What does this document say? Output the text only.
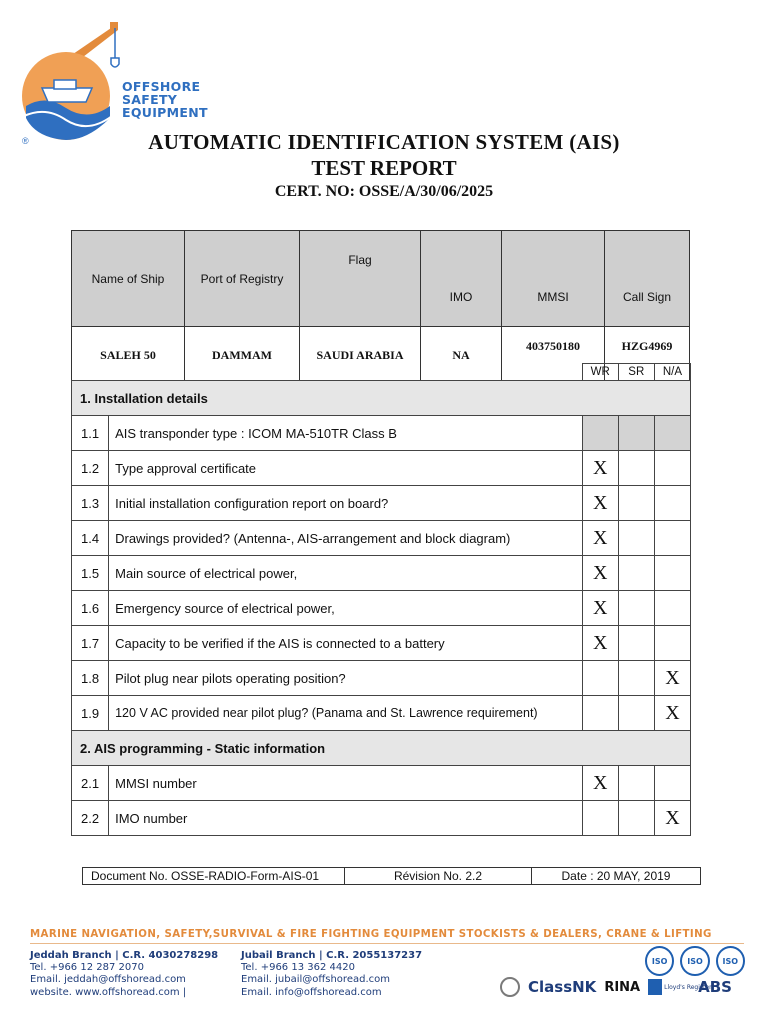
OFFSHORE
SAFETY
EQUIPMENT
®	AUTOMATIC IDENTIFICATION SYSTEM (AIS)
TEST REPORT
CERT. NO: OSSE/A/30/06/2025
Name of Ship	Port of Registry	Flag	IMO	MMSI	Call Sign
SALEH 50	DAMMAM	SAUDI ARABIA	NA	403750180	HZG4969
		WR	SR	N/A
1. Installation details				
1.1	AIS transponder type : ICOM MA-510TR Class B			
1.2	Type approval certificate	X		
1.3	Initial installation configuration report on board?	X		
1.4	Drawings provided? (Antenna-, AIS-arrangement and block diagram)	X		
1.5	Main source of electrical power,	X		
1.6	Emergency source of electrical power,	X		
1.7	Capacity to be verified if the AIS is connected to a battery	X		
1.8	Pilot plug near pilots operating position?			X
1.9	120 V AC provided near pilot plug? (Panama and St. Lawrence requirement)			X
2. AIS programming - Static information				
2.1	MMSI number	X		
2.2	IMO number			X
Document No. OSSE-RADIO-Form-AIS-01	Révision No. 2.2	Date : 20 MAY, 2019
MARINE NAVIGATION, SAFETY,SURVIVAL & FIRE FIGHTING EQUIPMENT STOCKISTS & DEALERS, CRANE & LIFTING
Jeddah Branch | C.R. 4030278298
Tel. +966 12 287 2070
Email. jeddah@offshoread.com
website. www.offshoread.com |
Jubail Branch | C.R. 2055137237
Tel. +966 13 362 4420
Email. jubail@offshoread.com
Email. info@offshoread.com
ISO	ISO	ISO
ClassNK RINA	Lloyd's Register
ABS
